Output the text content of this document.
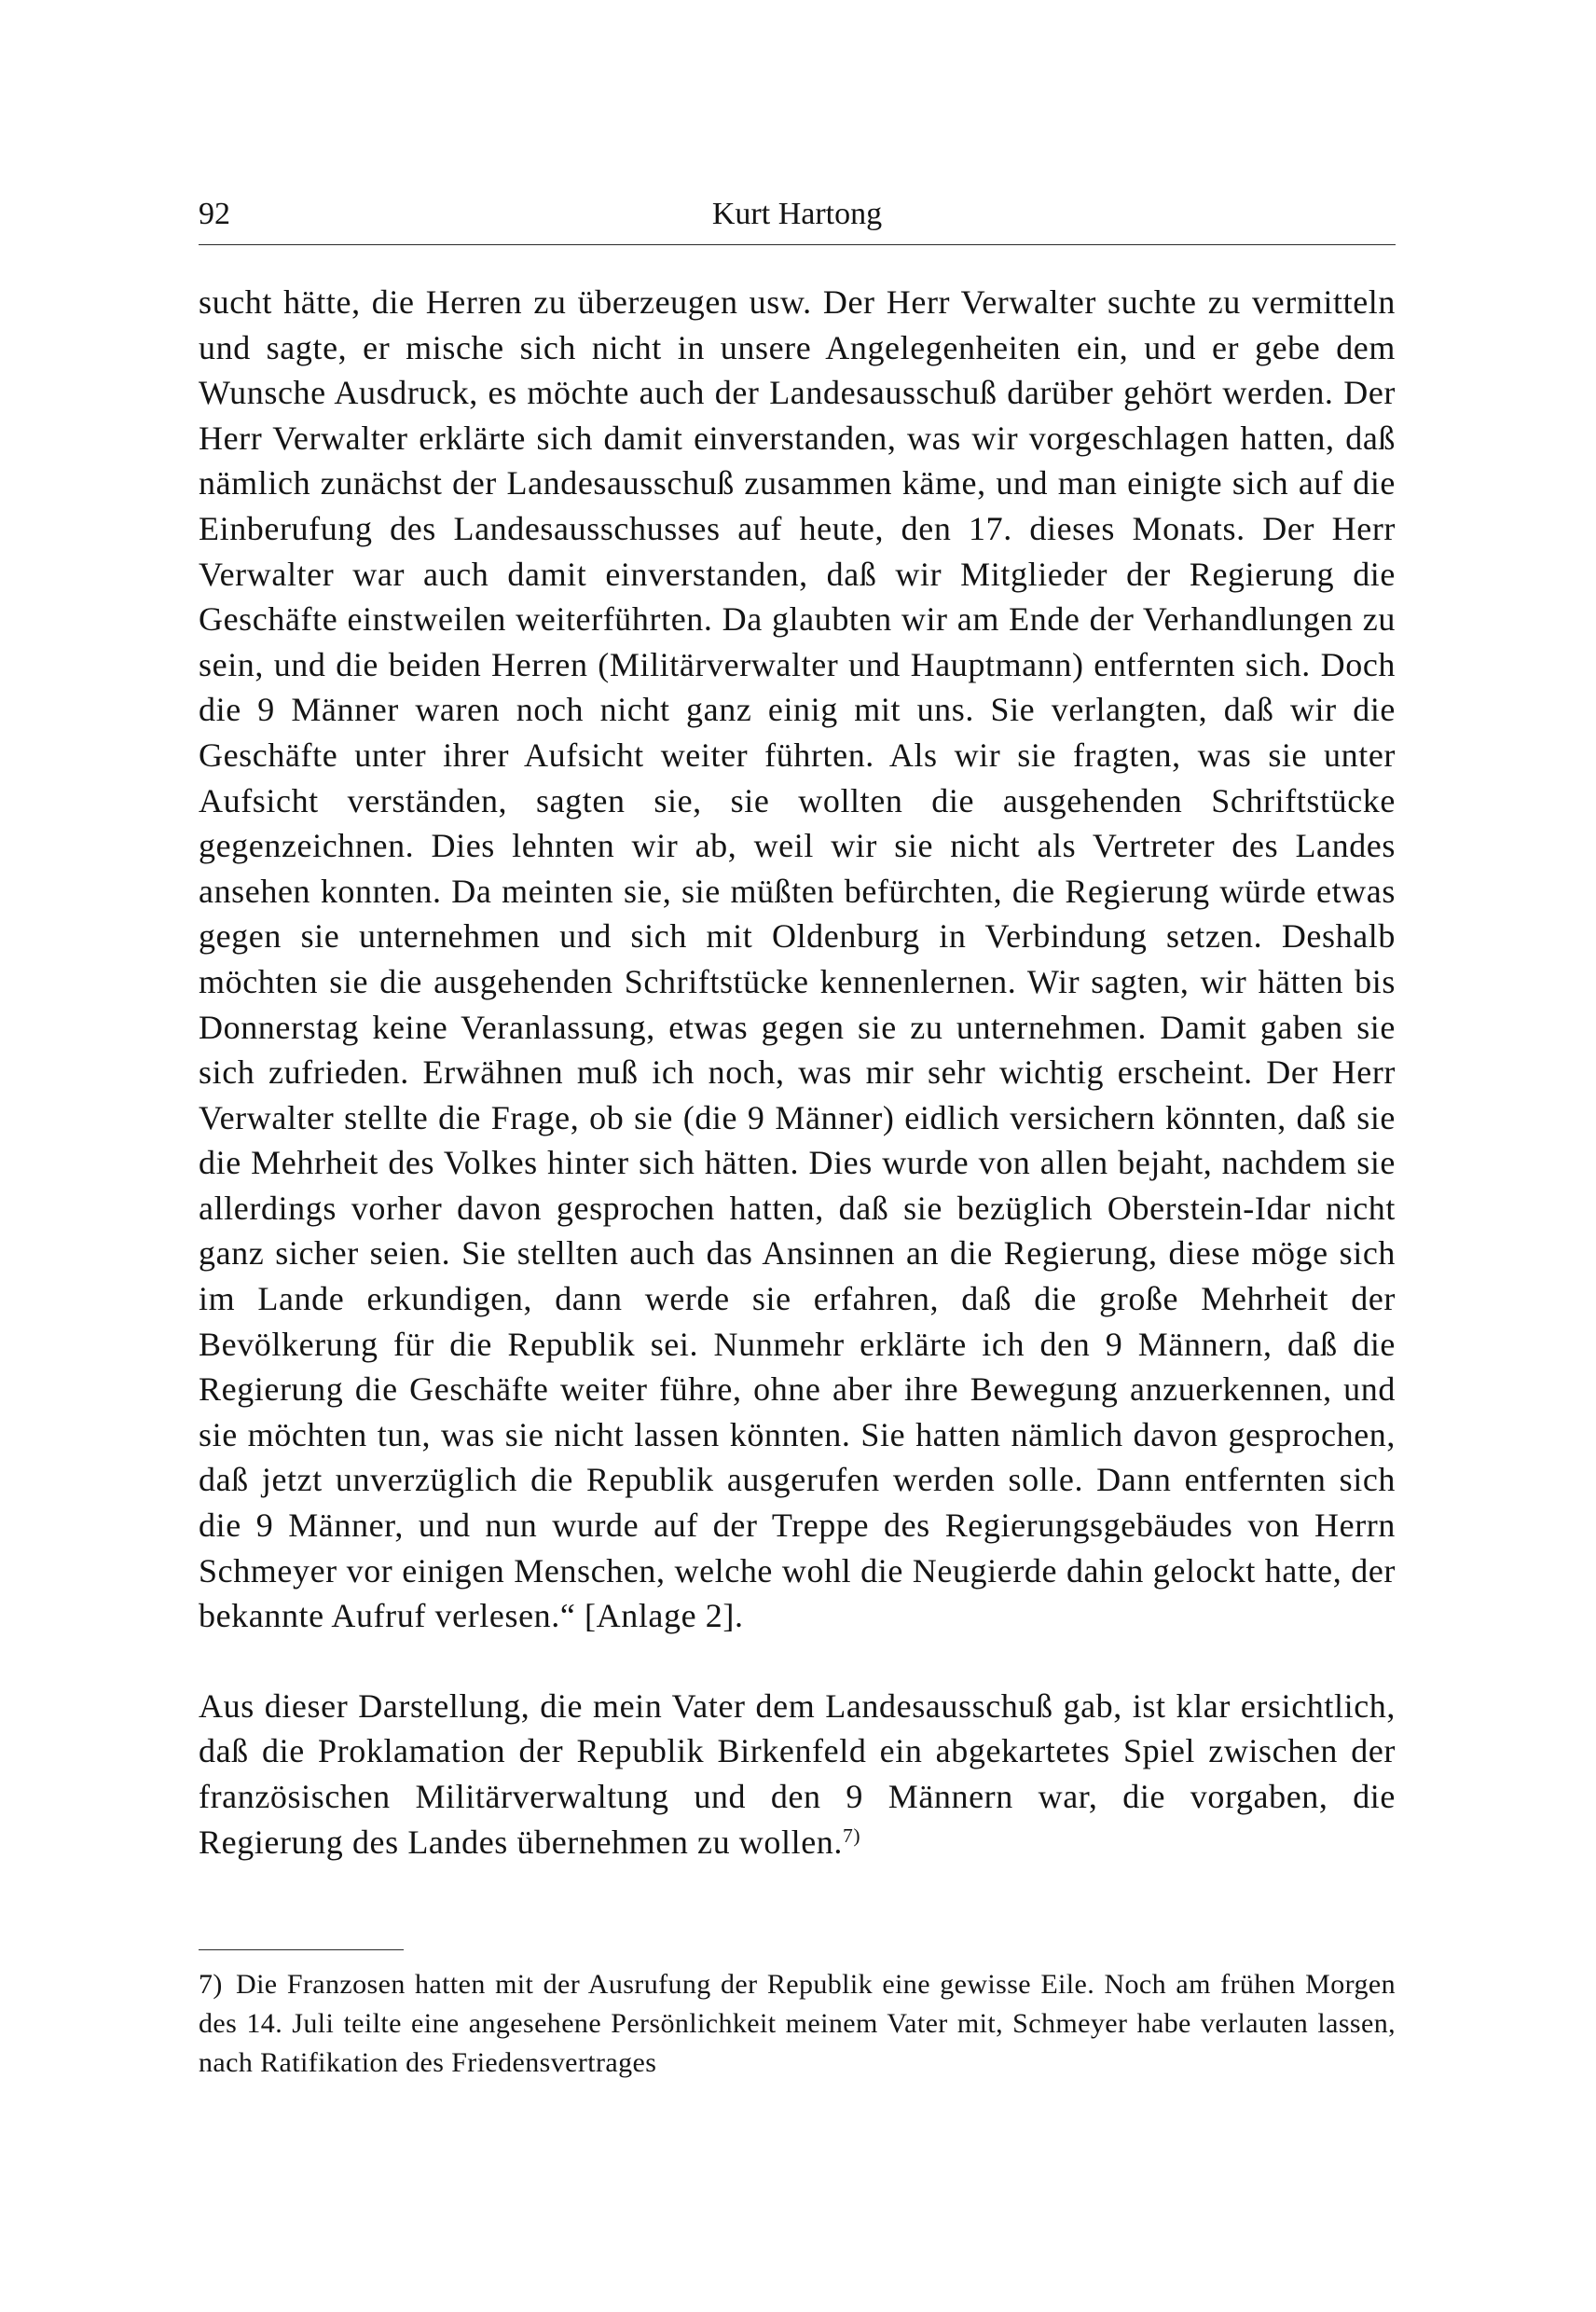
92	Kurt Hartong

sucht hätte, die Herren zu überzeugen usw. Der Herr Verwalter suchte zu vermitteln und sagte, er mische sich nicht in unsere Angelegenheiten ein, und er gebe dem Wunsche Ausdruck, es möchte auch der Landesausschuß darüber gehört werden. Der Herr Verwalter erklärte sich damit einverstanden, was wir vorgeschlagen hatten, daß nämlich zunächst der Landesausschuß zusammen käme, und man einigte sich auf die Einberufung des Landesausschusses auf heute, den 17. dieses Monats. Der Herr Verwalter war auch damit einverstanden, daß wir Mitglieder der Regierung die Geschäfte einstweilen weiterführten. Da glaubten wir am Ende der Verhandlungen zu sein, und die beiden Herren (Militärverwalter und Hauptmann) entfernten sich. Doch die 9 Männer waren noch nicht ganz einig mit uns. Sie verlangten, daß wir die Geschäfte unter ihrer Aufsicht weiter führten. Als wir sie fragten, was sie unter Aufsicht verständen, sagten sie, sie wollten die ausgehenden Schriftstücke gegenzeichnen. Dies lehnten wir ab, weil wir sie nicht als Vertreter des Landes ansehen konnten. Da meinten sie, sie müßten befürchten, die Regierung würde etwas gegen sie unternehmen und sich mit Oldenburg in Verbindung setzen. Deshalb möchten sie die ausgehenden Schriftstücke kennenlernen. Wir sagten, wir hätten bis Donnerstag keine Veranlassung, etwas gegen sie zu unternehmen. Damit gaben sie sich zufrieden. Erwähnen muß ich noch, was mir sehr wichtig erscheint. Der Herr Verwalter stellte die Frage, ob sie (die 9 Männer) eidlich versichern könnten, daß sie die Mehrheit des Volkes hinter sich hätten. Dies wurde von allen bejaht, nachdem sie allerdings vorher davon gesprochen hatten, daß sie bezüglich Oberstein-Idar nicht ganz sicher seien. Sie stellten auch das Ansinnen an die Regierung, diese möge sich im Lande erkundigen, dann werde sie erfahren, daß die große Mehrheit der Bevölkerung für die Republik sei. Nunmehr erklärte ich den 9 Männern, daß die Regierung die Geschäfte weiter führe, ohne aber ihre Bewegung anzuerkennen, und sie möchten tun, was sie nicht lassen könnten. Sie hatten nämlich davon gesprochen, daß jetzt unverzüglich die Republik ausgerufen werden solle. Dann entfernten sich die 9 Männer, und nun wurde auf der Treppe des Regierungsgebäudes von Herrn Schmeyer vor einigen Menschen, welche wohl die Neugierde dahin gelockt hatte, der bekannte Aufruf verlesen.“ [Anlage 2].

Aus dieser Darstellung, die mein Vater dem Landesausschuß gab, ist klar ersichtlich, daß die Proklamation der Republik Birkenfeld ein abgekartetes Spiel zwischen der französischen Militärverwaltung und den 9 Männern war, die vorgaben, die Regierung des Landes übernehmen zu wollen.$^{7)}$

7) Die Franzosen hatten mit der Ausrufung der Republik eine gewisse Eile. Noch am frühen Morgen des 14. Juli teilte eine angesehene Persönlichkeit meinem Vater mit, Schmeyer habe verlauten lassen, nach Ratifikation des Friedensvertrages
